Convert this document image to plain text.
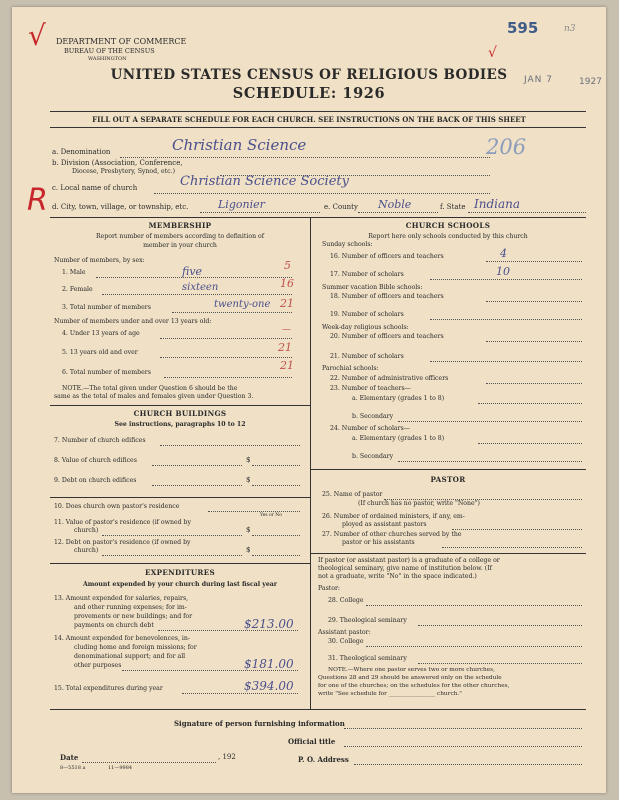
595	n3
√
√
DEPARTMENT OF COMMERCE
BUREAU OF THE CENSUS
WASHINGTON
JAN 7	1927
UNITED STATES CENSUS OF RELIGIOUS BODIES
SCHEDULE: 1926
FILL OUT A SEPARATE SCHEDULE FOR EACH CHURCH. SEE INSTRUCTIONS ON THE BACK OF THIS SHEET
a. Denomination	Christian Science	206
b. Division (Association, Conference,
Diocese, Presbytery, Synod, etc.)
c. Local name of church	Christian Science Society
R d. City, town, village, or township, etc.	Ligonier	e. County Noble	f. State Indiana
MEMBERSHIP
Report number of members according to definition of
member in your church
Number of members, by sex:
1. Male	five	5
2. Female	sixteen	16
3. Total number of members	twenty-one 21
Number of members under and over 13 years old:
4. Under 13 years of age	—
5. 13 years old and over	21
6. Total number of members
21
NOTE.—The total given under Question 6 should be the
same as the total of males and females given under Question 3.
CHURCH BUILDINGS
See instructions, paragraphs 10 to 12
7. Number of church edifices
8. Value of church edifices	$
9. Debt on church edifices	$
10. Does church own pastor's residence
Yes or No
11. Value of pastor's residence (if owned by
church)	$
12. Debt on pastor's residence (if owned by
church)	$
EXPENDITURES
Amount expended by your church during last fiscal year
13. Amount expended for salaries, repairs,
and other running expenses; for im-
provements or new buildings; and for
payments on church debt	$213.00
14. Amount expended for benevolences, in-
cluding home and foreign missions; for
denominational support; and for all
other purposes	$181.00
15. Total expenditures during year	$394.00
CHURCH SCHOOLS
Report here only schools conducted by this church
Sunday schools:
16. Number of officers and teachers	4
17. Number of scholars	10
Summer vacation Bible schools:
18. Number of officers and teachers
19. Number of scholars
Week-day religious schools:
20. Number of officers and teachers
21. Number of scholars
Parochial schools:
22. Number of administrative officers
23. Number of teachers—
a. Elementary (grades 1 to 8)
b. Secondary
24. Number of scholars—
a. Elementary (grades 1 to 8)
b. Secondary
PASTOR
25. Name of pastor
(If church has no pastor, write "None")
26. Number of ordained ministers, if any, em-
ployed as assistant pastors
27. Number of other churches served by the
pastor or his assistants
If pastor (or assistant pastor) is a graduate of a college or
theological seminary, give name of institution below. (If
not a graduate, write "No" in the space indicated.)
Pastor:
28. College
29. Theological seminary
Assistant pastor:
30. College
31. Theological seminary
NOTE.—Where one pastor serves two or more churches,
Questions 28 and 29 should be answered only on the schedule
for one of the churches; on the schedules for the other churches,
write "See schedule for ________________ church."
Signature of person furnishing information
Official title
Date	, 192	P. O. Address
8—5518 a	11—9984
